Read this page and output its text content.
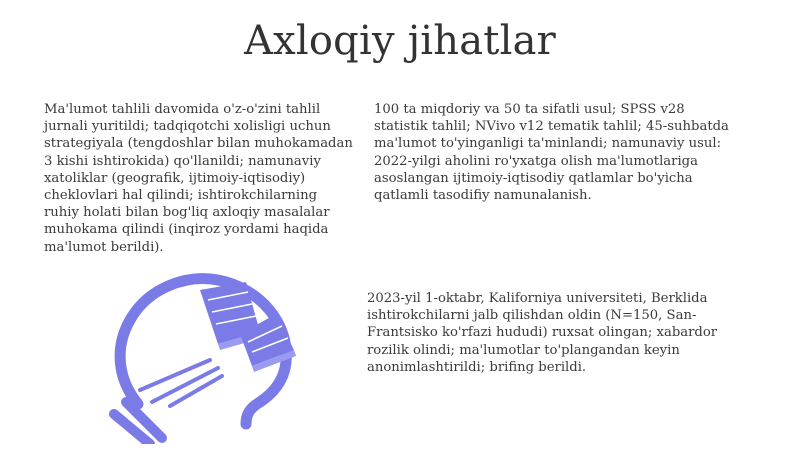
Axloqiy jihatlar

Ma'lumot tahlili davomida o'z-o'zini tahlil jurnali yuritildi; tadqiqotchi xolisligi uchun strategiyala (tengdoshlar bilan muhokamadan 3 kishi ishtirokida) qo'llanildi; namunaviy xatoliklar (geografik, ijtimoiy-iqtisodiy) cheklovlari hal qilindi; ishtirokchilarning ruhiy holati bilan bog'liq axloqiy masalalar muhokama qilindi (inqiroz yordami haqida ma'lumot berildi).

100 ta miqdoriy va 50 ta sifatli usul; SPSS v28 statistik tahlil; NVivo v12 tematik tahlil; 45-suhbatda ma'lumot to'yinganligi ta'minlandi; namunaviy usul: 2022-yilgi aholini ro'yxatga olish ma'lumotlariga asoslangan ijtimoiy-iqtisodiy qatlamlar bo'yicha qatlamli tasodifiy namunalanish.

2023-yil 1-oktabr, Kaliforniya universiteti, Berklida ishtirokchilarni jalb qilishdan oldin (N=150, San-Frantsisko ko'rfazi hududi) ruxsat olingan; xabardor rozilik olindi; ma'lumotlar to'plangandan keyin anonimlashtirildi; brifing berildi.
